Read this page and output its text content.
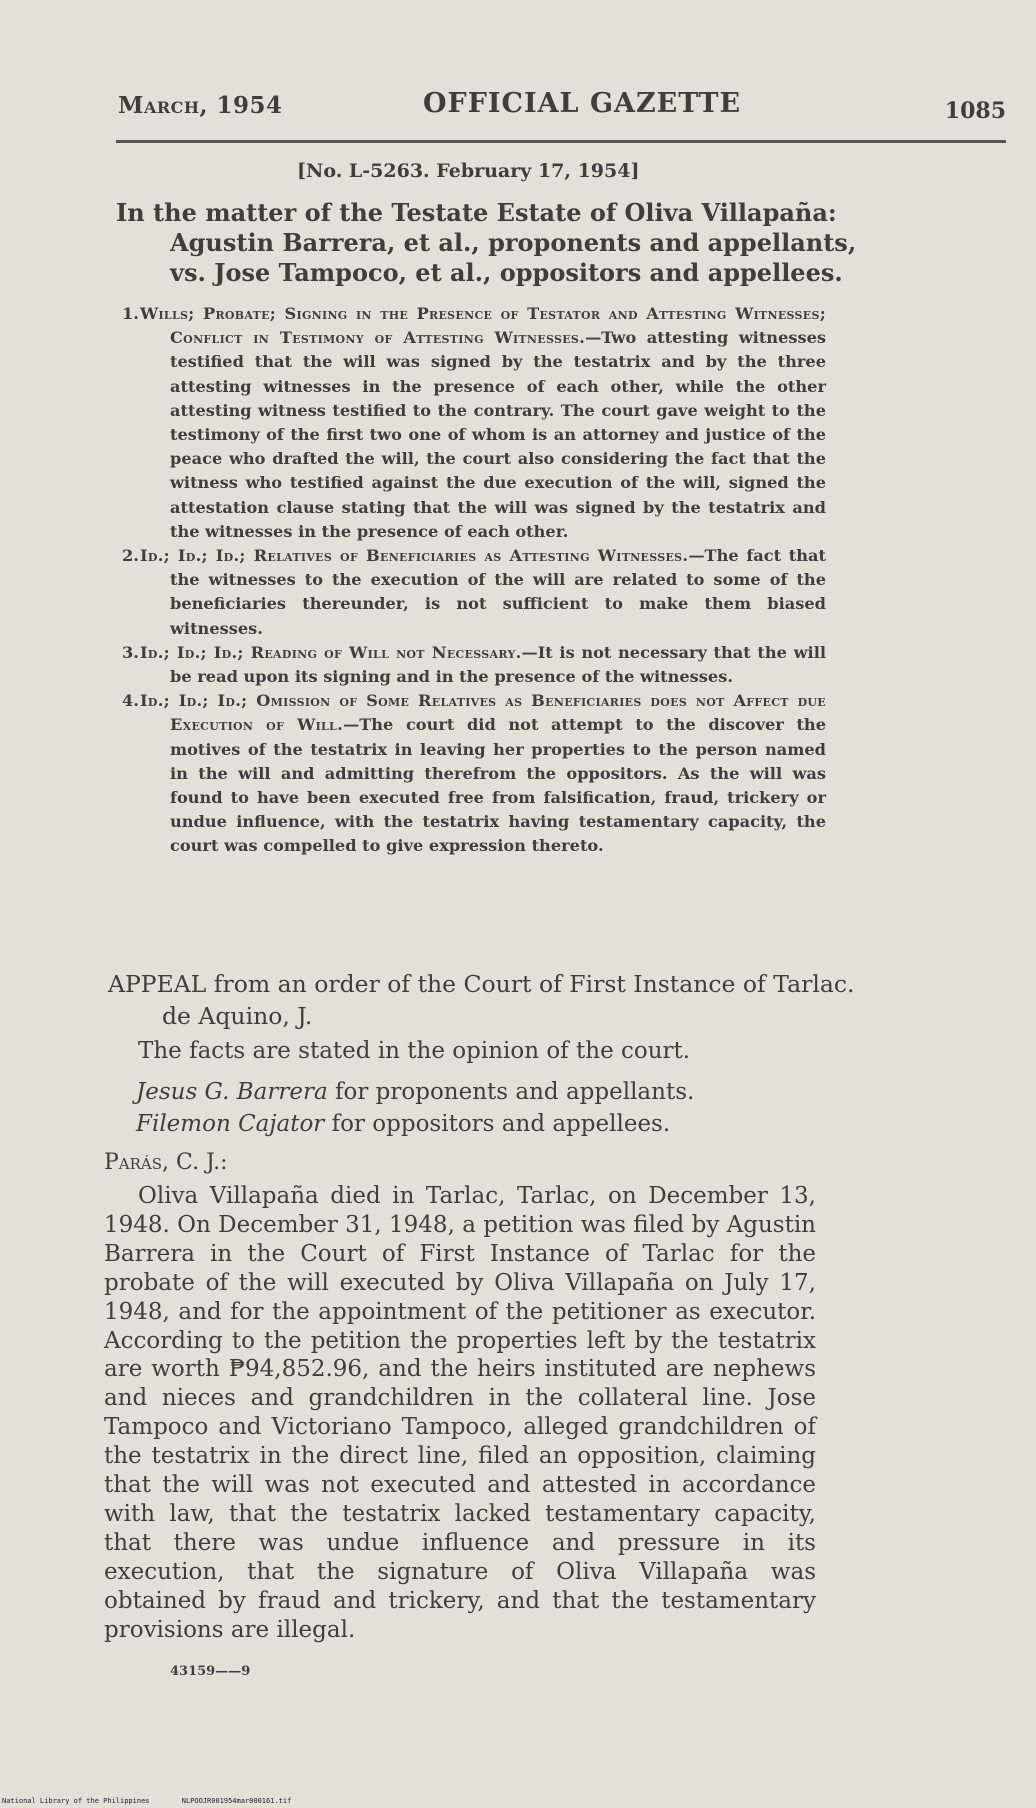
March, 1954	OFFICIAL GAZETTE	1085
[No. L-5263. February 17, 1954]
In the matter of the Testate Estate of Oliva Villapaña: Agustin Barrera, et al., proponents and appellants, vs. Jose Tampoco, et al., oppositors and appellees.
1.Wills; Probate; Signing in the Presence of Testator and Attesting Witnesses; Conflict in Testimony of Attesting Witnesses.—Two attesting witnesses testified that the will was signed by the testatrix and by the three attesting witnesses in the presence of each other, while the other attesting witness testified to the contrary. The court gave weight to the testimony of the first two one of whom is an attorney and justice of the peace who drafted the will, the court also considering the fact that the witness who testified against the due execution of the will, signed the attestation clause stating that the will was signed by the testatrix and the witnesses in the presence of each other.
2.Id.; Id.; Id.; Relatives of Beneficiaries as Attesting Witnesses.—The fact that the witnesses to the execution of the will are related to some of the beneficiaries thereunder, is not sufficient to make them biased witnesses.
3.Id.; Id.; Id.; Reading of Will not Necessary.—It is not necessary that the will be read upon its signing and in the presence of the witnesses.
4.Id.; Id.; Id.; Omission of Some Relatives as Beneficiaries does not Affect due Execution of Will.—The court did not attempt to the discover the motives of the testatrix in leaving her properties to the person named in the will and admitting therefrom the oppositors. As the will was found to have been executed free from falsification, fraud, trickery or undue influence, with the testatrix having testamentary capacity, the court was compelled to give expression thereto.
APPEAL from an order of the Court of First Instance of Tarlac. de Aquino, J.
The facts are stated in the opinion of the court.
Jesus G. Barrera for proponents and appellants.
Filemon Cajator for oppositors and appellees.
Parás, C. J.:

Oliva Villapaña died in Tarlac, Tarlac, on December 13, 1948. On December 31, 1948, a petition was filed by Agustin Barrera in the Court of First Instance of Tarlac for the probate of the will executed by Oliva Villapaña on July 17, 1948, and for the appointment of the petitioner as executor. According to the petition the properties left by the testatrix are worth ₱94,852.96, and the heirs instituted are nephews and nieces and grandchildren in the collateral line. Jose Tampoco and Victoriano Tampoco, alleged grandchildren of the testatrix in the direct line, filed an opposition, claiming that the will was not executed and attested in accordance with law, that the testatrix lacked testamentary capacity, that there was undue influence and pressure in its execution, that the signature of Oliva Villapaña was obtained by fraud and trickery, and that the testamentary provisions are illegal.

43159——9
National Library of the Philippines	NLPOOJR001954mar000161.tif
